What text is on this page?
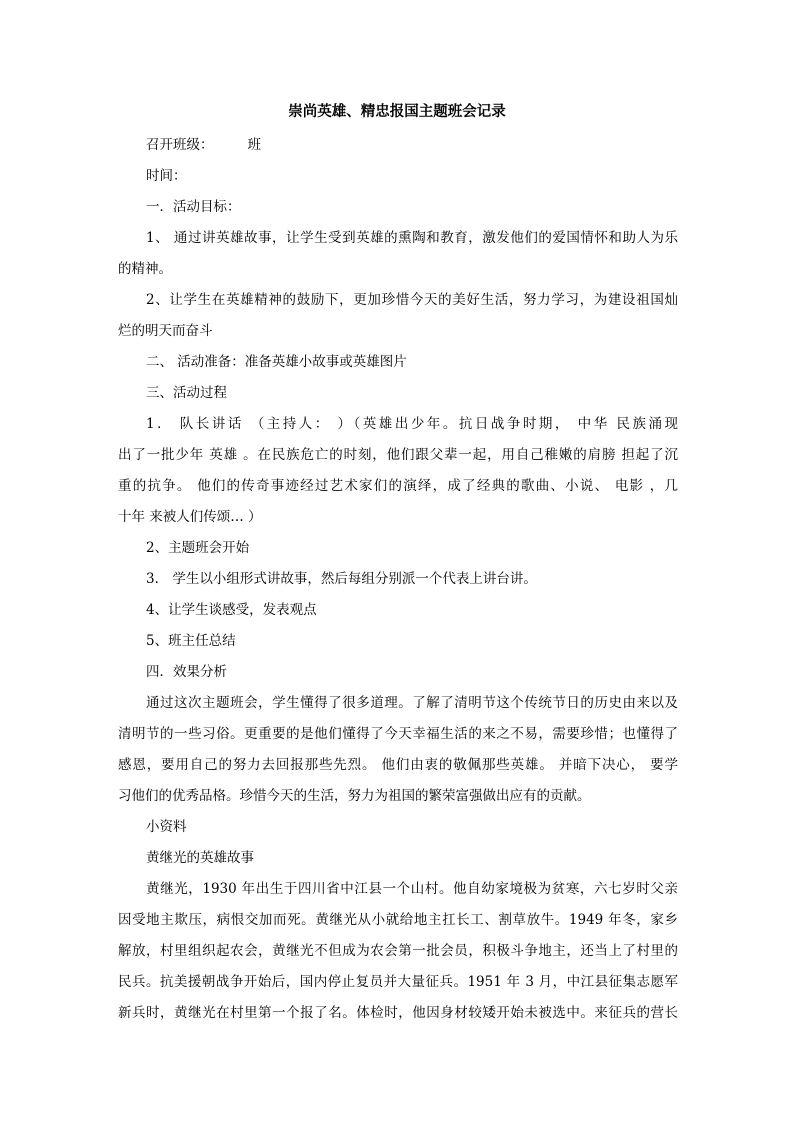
崇尚英雄、精忠报国主题班会记录
召开班级：	班
时间：
一．活动目标：
1、 通过讲英雄故事，让学生受到英雄的熏陶和教育，激发他们的爱国情怀和助人为乐
的精神。
2、让学生在英雄精神的鼓励下，更加珍惜今天的美好生活，努力学习，为建设祖国灿
烂的明天而奋斗
二、 活动准备：准备英雄小故事或英雄图片
三、活动过程
1． 队长讲话 （主持人： ）（英雄出少年。抗日战争时期， 中华 民族涌现
出了一批少年 英雄 。在民族危亡的时刻，他们跟父辈一起，用自己稚嫩的肩膀 担起了沉
重的抗争。 他们的传奇事迹经过艺术家们的演绎，成了经典的歌曲、小说、 电影 ，几
十年 来被人们传颂… ）
2、主题班会开始
3． 学生以小组形式讲故事，然后每组分别派一个代表上讲台讲。
4、让学生谈感受，发表观点
5、班主任总结
四．效果分析
通过这次主题班会，学生懂得了很多道理。了解了清明节这个传统节日的历史由来以及
清明节的一些习俗。更重要的是他们懂得了今天幸福生活的来之不易，需要珍惜；也懂得了
感恩，要用自己的努力去回报那些先烈。 他们由衷的敬佩那些英雄。 并暗下决心， 要学
习他们的优秀品格。珍惜今天的生活，努力为祖国的繁荣富强做出应有的贡献。
小资料
黄继光的英雄故事
黄继光，1930 年出生于四川省中江县一个山村。他自幼家境极为贫寒，六七岁时父亲
因受地主欺压，病恨交加而死。黄继光从小就给地主扛长工、割草放牛。1949 年冬，家乡
解放，村里组织起农会，黄继光不但成为农会第一批会员，积极斗争地主，还当上了村里的
民兵。抗美援朝战争开始后，国内停止复员并大量征兵。1951 年 3 月，中江县征集志愿军
新兵时，黄继光在村里第一个报了名。体检时，他因身材较矮开始未被选中。来征兵的营长
